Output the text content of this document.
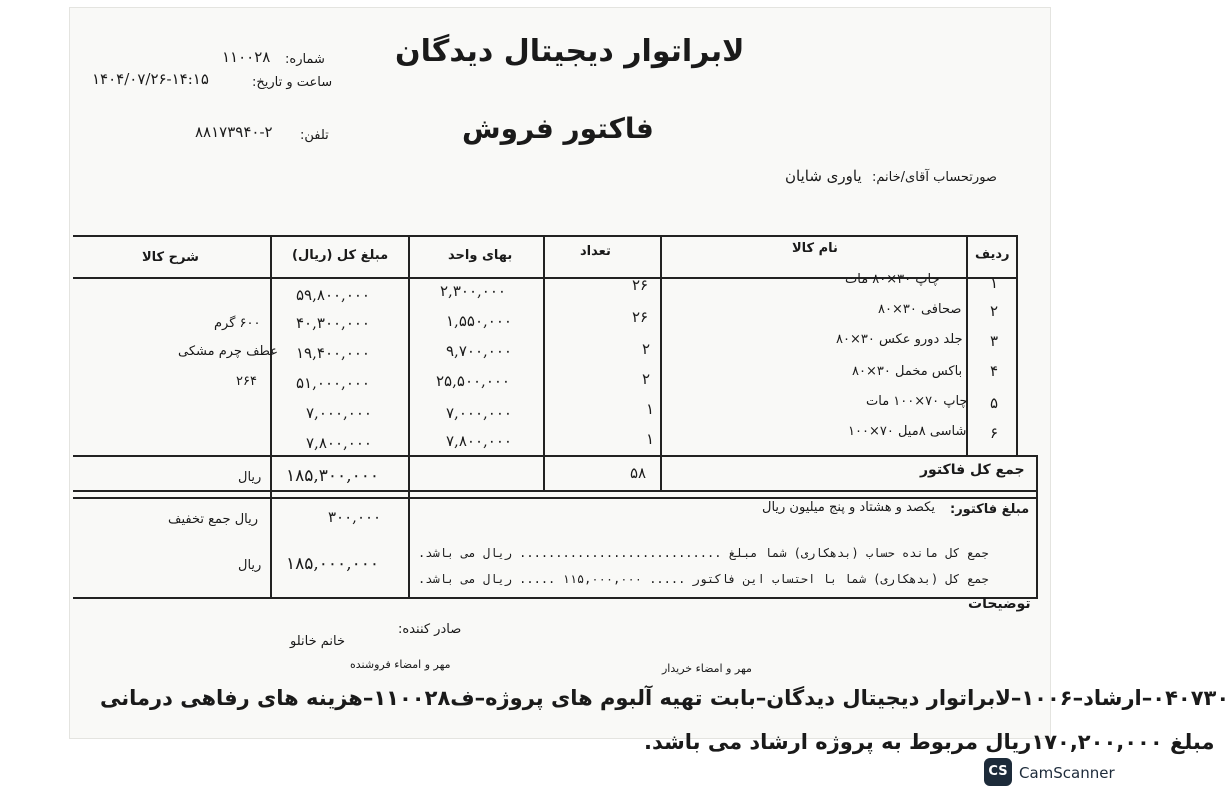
لابراتوار دیجیتال دیدگان
فاکتور فروش
شماره:
۱۱۰۰۲۸
ساعت و تاریخ:
۱۴۰۴/۰۷/۲۶-۱۴:۱۵
تلفن:
۸۸۱۷۳۹۴۰-۲
صورتحساب آقای/خانم:
یاوری شایان
ردیف
نام کالا
تعداد
بهای واحد
مبلغ کل (ریال)
شرح کالا
۱
چاپ ۳۰×۸۰ مات
۲۶
۲,۳۰۰,۰۰۰
۵۹,۸۰۰,۰۰۰
۲
صحافی ۳۰×۸۰
۲۶
۱,۵۵۰,۰۰۰
۴۰,۳۰۰,۰۰۰
۶۰۰ گرم
۳
جلد دورو عکس ۳۰×۸۰
۲
۹,۷۰۰,۰۰۰
۱۹,۴۰۰,۰۰۰
عطف چرم مشکی
۴
باکس مخمل ۳۰×۸۰
۲
۲۵,۵۰۰,۰۰۰
۵۱,۰۰۰,۰۰۰
۲۶۴
۵
چاپ ۷۰×۱۰۰ مات
۱
۷,۰۰۰,۰۰۰
۷,۰۰۰,۰۰۰
۶
شاسی ۸میل ۷۰×۱۰۰
۱
۷,۸۰۰,۰۰۰
۷,۸۰۰,۰۰۰
جمع کل فاکتور
۵۸
۱۸۵,۳۰۰,۰۰۰
ریال
مبلغ فاکتور:
یکصد و هشتاد و پنج میلیون ریال
۳۰۰,۰۰۰
ریال جمع تخفیف
۱۸۵,۰۰۰,۰۰۰
ریال
جمع کل مانده حساب (بدهکاری) شما مبلغ ............................ ریال می باشد.
جمع کل (بدهکاری) شما با احتساب این فاکتور ..... ۱۱۵,۰۰۰,۰۰۰ ..... ریال می باشد.
توضیحات
صادر کننده:
خانم خانلو
مهر و امضاء فروشنده	مهر و امضاء خریدار
۰۴۰۷۳۰–ارشاد–۱۰۰۶–لابراتوار دیجیتال دیدگان–بابت تهیه آلبوم های پروژه–ف۱۱۰۰۲۸–هزینه های رفاهی درمانی
مبلغ ۱۷۰,۲۰۰,۰۰۰ریال مربوط به پروژه ارشاد می باشد.
CS CamScanner
